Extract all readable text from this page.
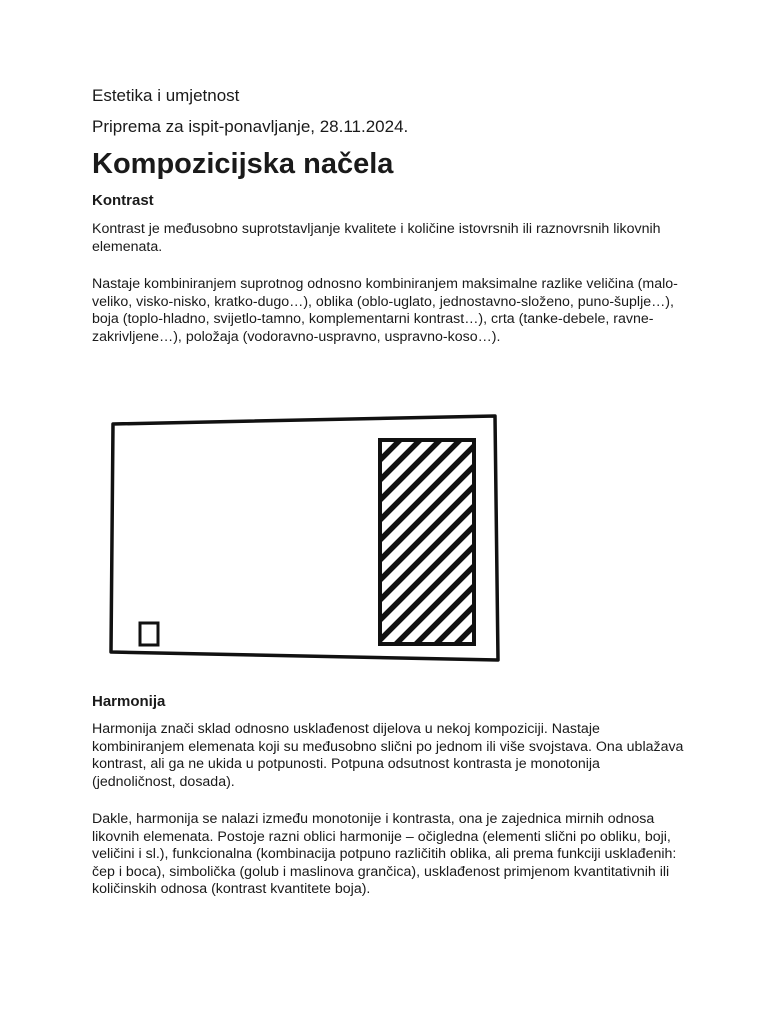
Estetika i umjetnost
Priprema za ispit-ponavljanje, 28.11.2024.
Kompozicijska načela
Kontrast

Kontrast je međusobno suprotstavljanje kvalitete i količine istovrsnih ili raznovrsnih likovnih elemenata.

Nastaje kombiniranjem suprotnog odnosno kombiniranjem maksimalne razlike veličina (malo-veliko, visko-nisko, kratko-dugo…), oblika (oblo-uglato, jednostavno-složeno, puno-šuplje…), boja (toplo-hladno, svijetlo-tamno, komplementarni kontrast…), crta (tanke-debele, ravne-zakrivljene…), položaja (vodoravno-uspravno, uspravno-koso…).

Harmonija

Harmonija znači sklad odnosno usklađenost dijelova u nekoj kompoziciji. Nastaje kombiniranjem elemenata koji su međusobno slični po jednom ili više svojstava. Ona ublažava kontrast, ali ga ne ukida u potpunosti. Potpuna odsutnost kontrasta je monotonija (jednoličnost, dosada).

Dakle, harmonija se nalazi između monotonije i kontrasta, ona je zajednica mirnih odnosa likovnih elemenata. Postoje razni oblici harmonije – očigledna (elementi slični po obliku, boji, veličini i sl.), funkcionalna (kombinacija potpuno različitih oblika, ali prema funkciji usklađenih: čep i boca), simbolička (golub i maslinova grančica), usklađenost primjenom kvantitativnih ili količinskih odnosa (kontrast kvantitete boja).
